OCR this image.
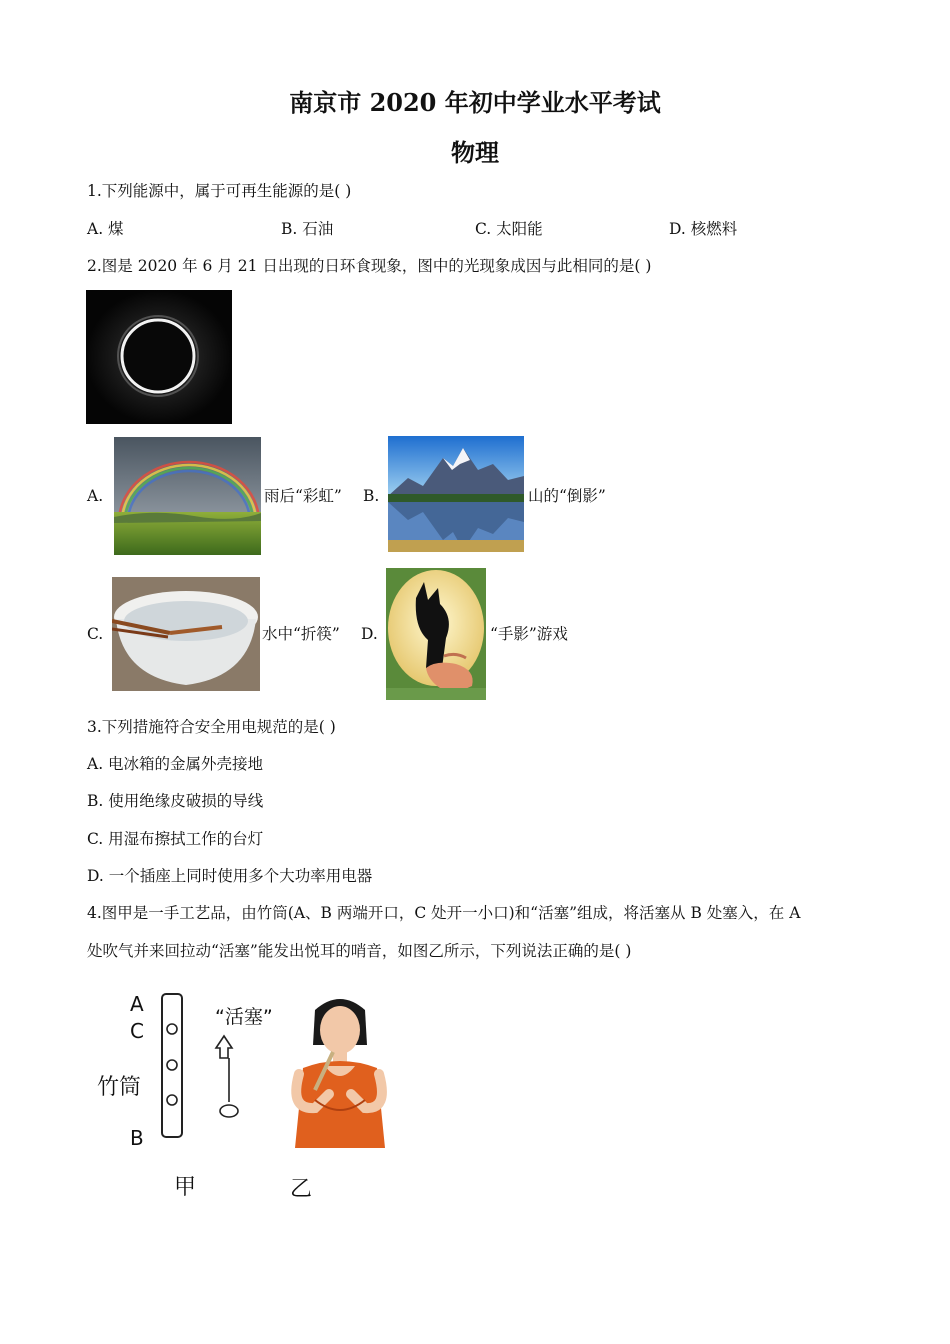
南京市 2020 年初中学业水平考试
物理
1.下列能源中，属于可再生能源的是( )
A. 煤	B. 石油	C. 太阳能	D. 核燃料
2.图是 2020 年 6 月 21 日出现的日环食现象，图中的光现象成因与此相同的是( )
A.	雨后“彩虹” B.	山的“倒影”
C.	水中“折筷” D.	“手影”游戏
3.下列措施符合安全用电规范的是( )
A. 电冰箱的金属外壳接地
B. 使用绝缘皮破损的导线
C. 用湿布擦拭工作的台灯
D. 一个插座上同时使用多个大功率用电器
4.图甲是一手工艺品，由竹筒(A、B 两端开口，C 处开一小口)和“活塞”组成，将活塞从 B 处塞入，在 A
处吹气并来回拉动“活塞”能发出悦耳的哨音，如图乙所示，下列说法正确的是( )
A
C
竹筒
B
“活塞”
甲	乙
